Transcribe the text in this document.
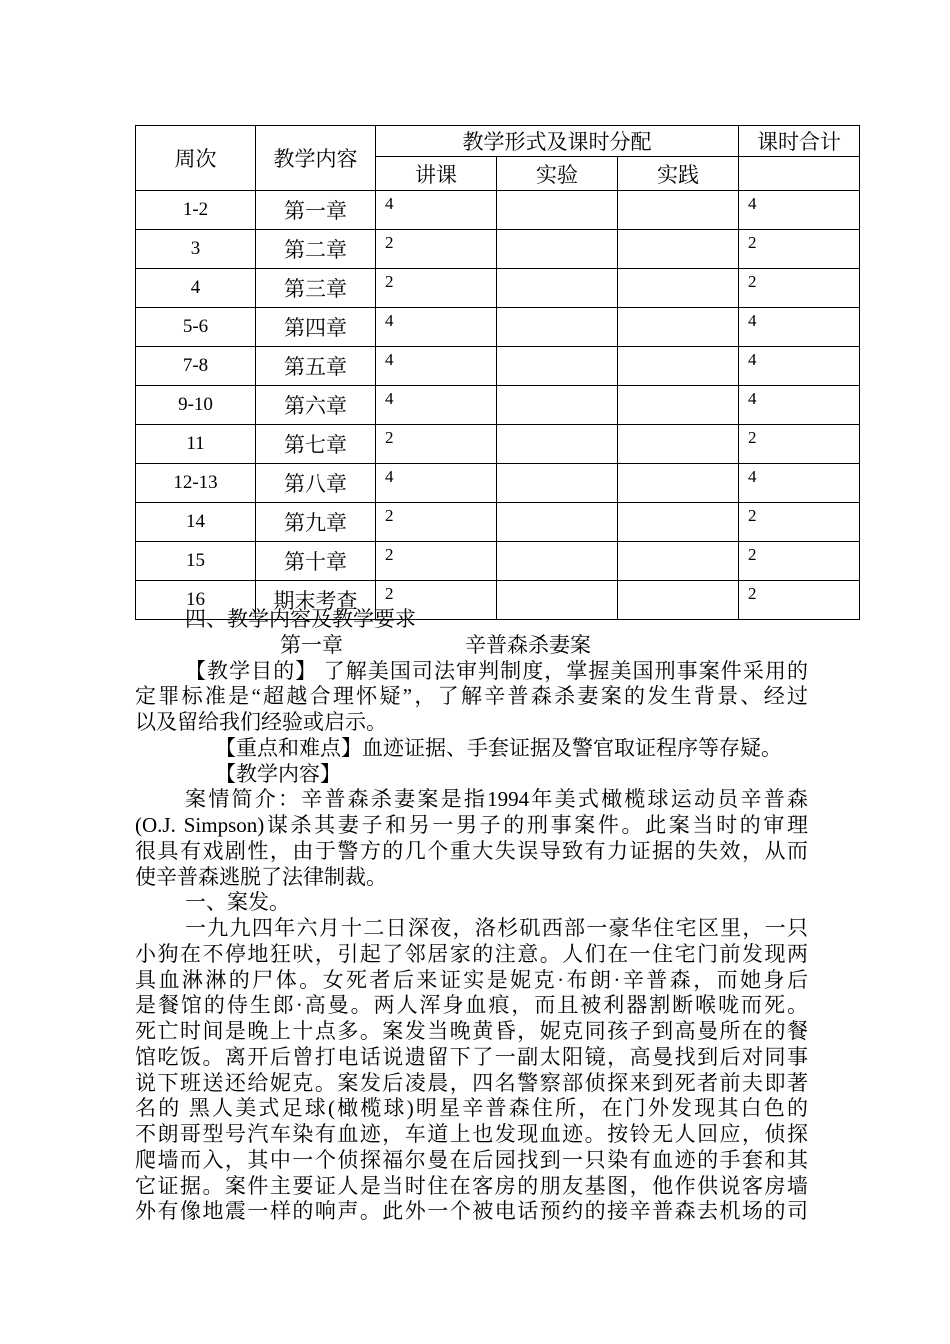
周次	教学内容	教学形式及课时分配			课时合计
		讲课	实验	实践	
1-2	第一章	4			4
3	第二章	2			2
4	第三章	2			2
5-6	第四章	4			4
7-8	第五章	4			4
9-10	第六章	4			4
11	第七章	2			2
12-13	第八章	4			4
14	第九章	2			2
15	第十章	2			2
16	期末考查	2			2
四、教学内容及教学要求
第一章	辛普森杀妻案
【教学目的】 了解美国司法审判制度，掌握美国刑事案件采用的
定罪标准是“超越合理怀疑”，了解辛普森杀妻案的发生背景、经过
以及留给我们经验或启示。
【重点和难点】血迹证据、手套证据及警官取证程序等存疑。
【教学内容】
案情简介：辛普森杀妻案是指1994年美式橄榄球运动员辛普森
(O.J. Simpson)谋杀其妻子和另一男子的刑事案件。此案当时的审理
很具有戏剧性，由于警方的几个重大失误导致有力证据的失效，从而
使辛普森逃脱了法律制裁。
一、案发。
一九九四年六月十二日深夜，洛杉矶西部一豪华住宅区里，一只
小狗在不停地狂吠，引起了邻居家的注意。人们在一住宅门前发现两
具血淋淋的尸体。女死者后来证实是妮克·布朗·辛普森，而她身后
是餐馆的侍生郎·高曼。两人浑身血痕，而且被利器割断喉咙而死。
死亡时间是晚上十点多。案发当晚黄昏，妮克同孩子到高曼所在的餐
馆吃饭。离开后曾打电话说遗留下了一副太阳镜，高曼找到后对同事
说下班送还给妮克。案发后凌晨，四名警察部侦探来到死者前夫即著
名的 黑人美式足球(橄榄球)明星辛普森住所，在门外发现其白色的
不朗哥型号汽车染有血迹，车道上也发现血迹。按铃无人回应，侦探
爬墙而入，其中一个侦探福尔曼在后园找到一只染有血迹的手套和其
它证据。案件主要证人是当时住在客房的朋友基图，他作供说客房墙
外有像地震一样的响声。此外一个被电话预约的接辛普森去机场的司
